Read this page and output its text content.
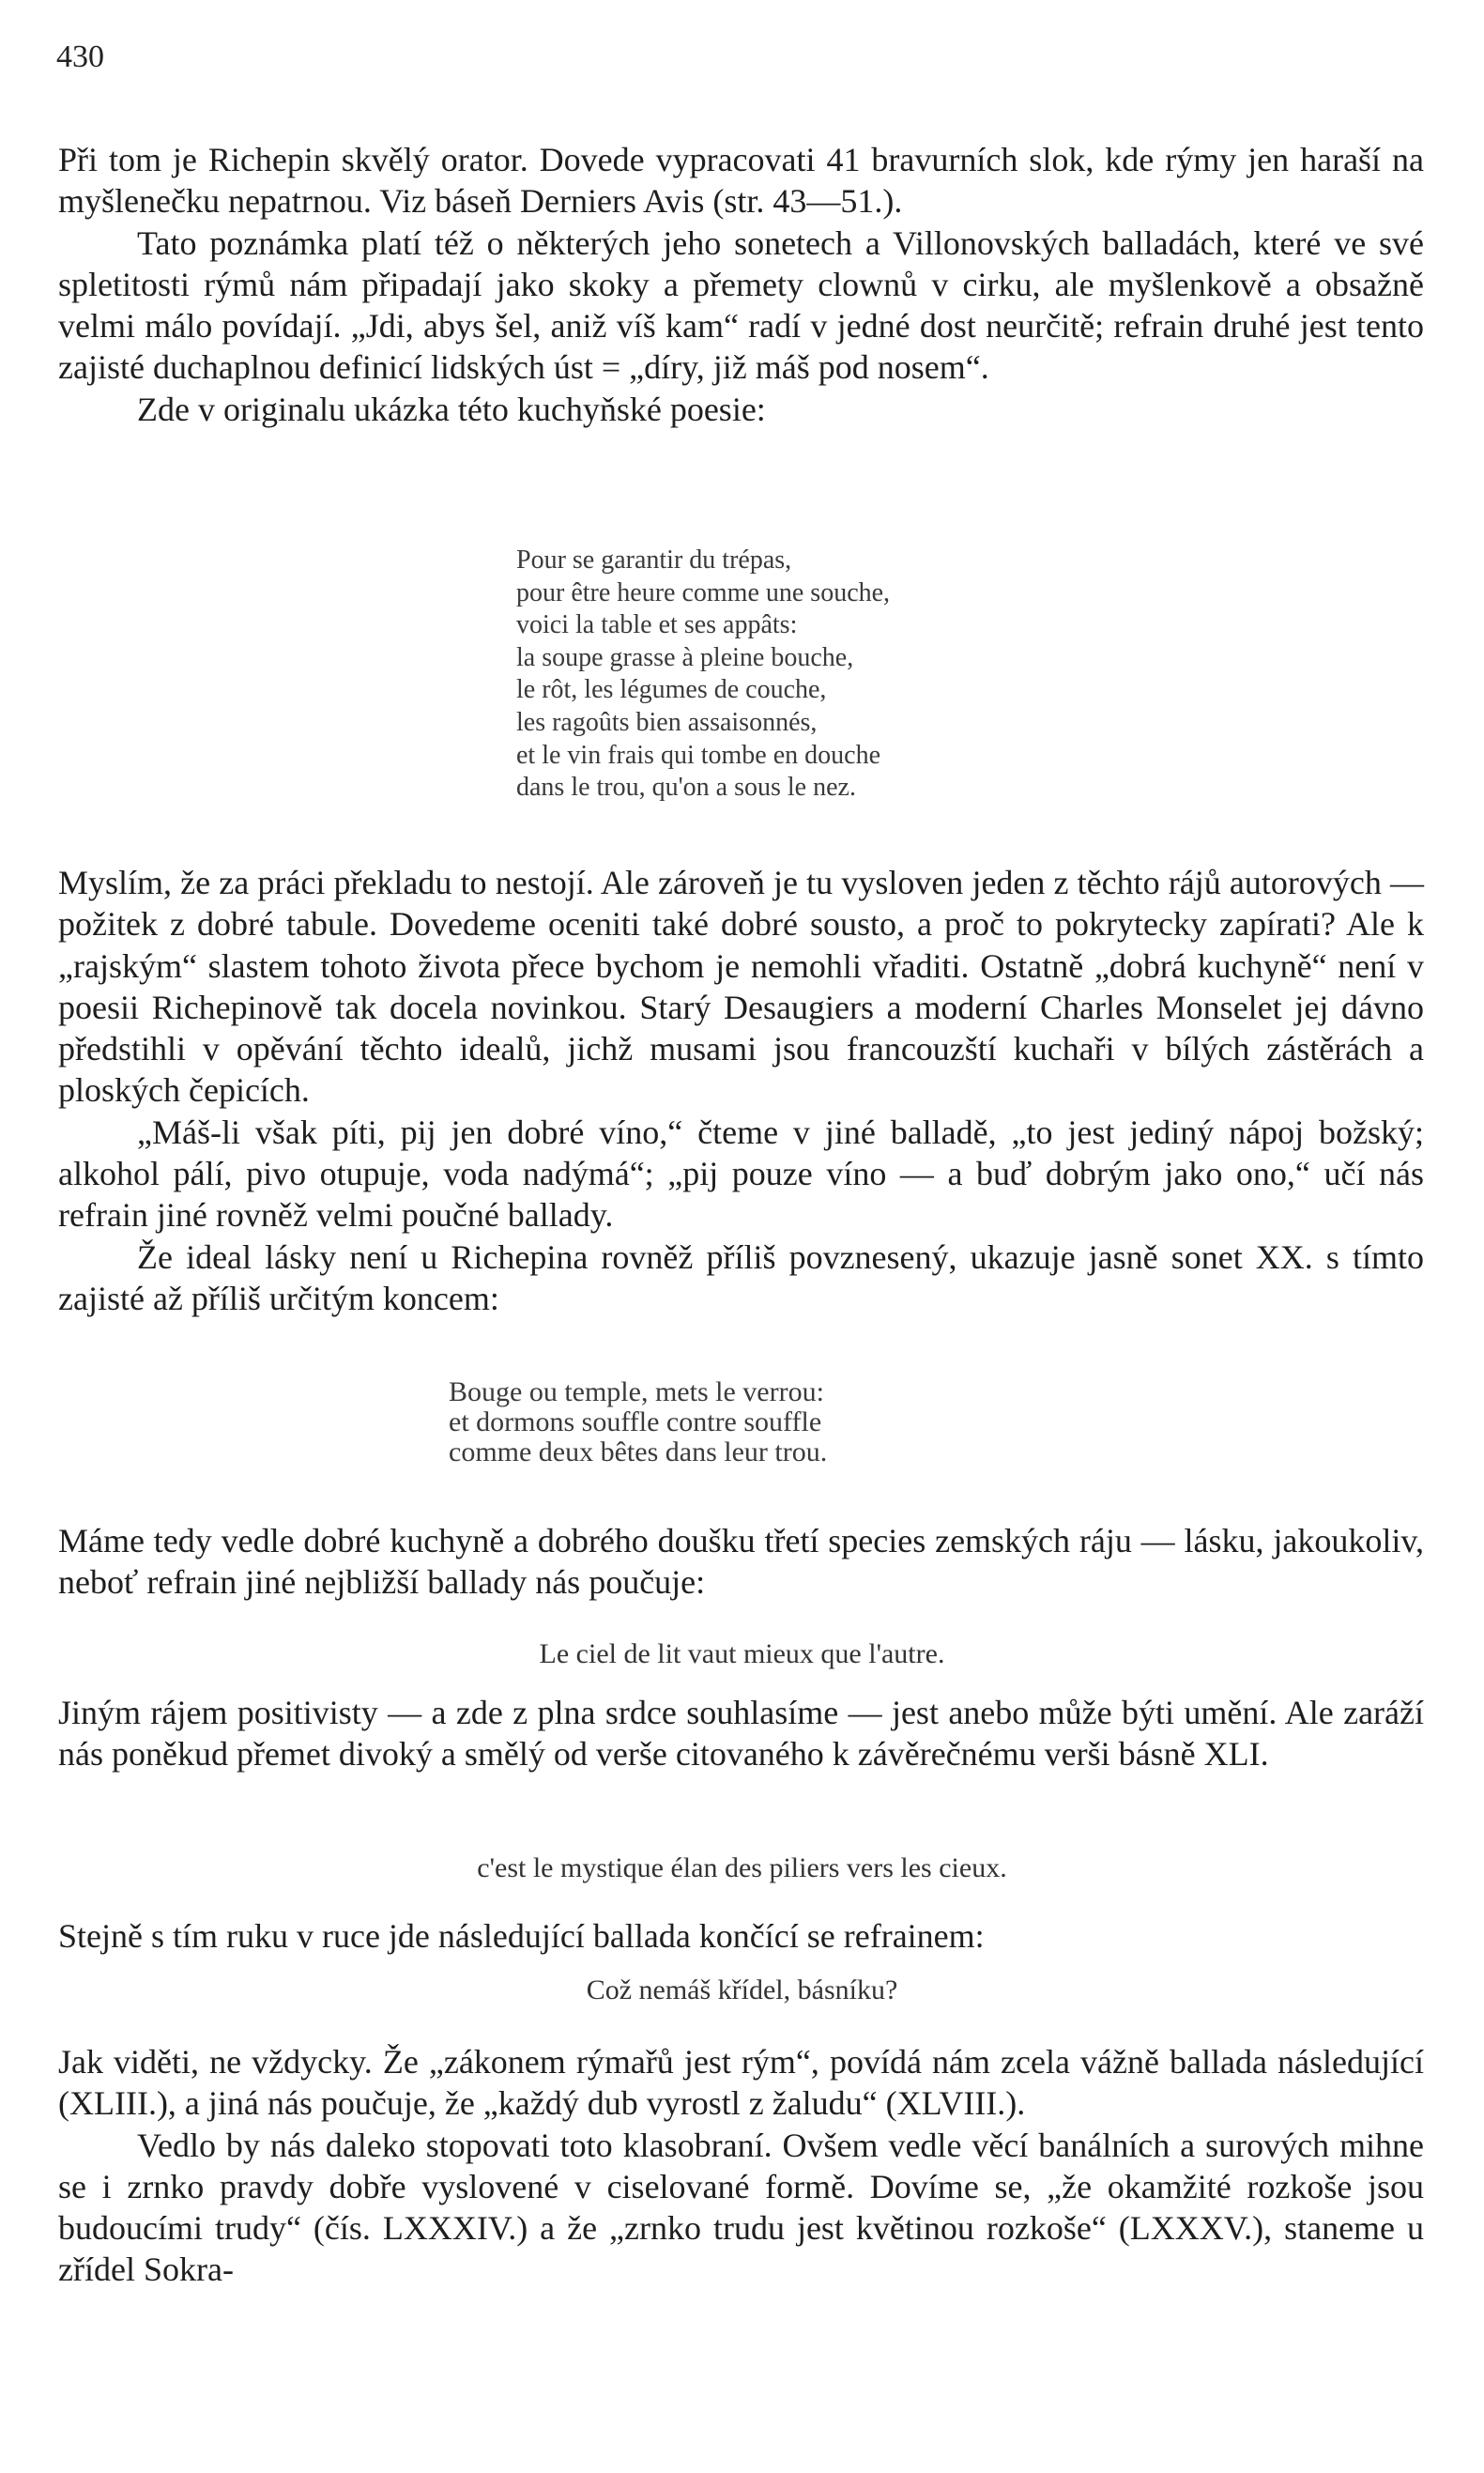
430

Při tom je Richepin skvělý orator. Dovede vypracovati 41 bravurních slok, kde rýmy jen haraší na myšlenečku nepatrnou. Viz báseň Derniers Avis (str. 43—51.).

Tato poznámka platí též o některých jeho sonetech a Villonovských balladách, které ve své spletitosti rýmů nám připadají jako skoky a přemety clownů v cirku, ale myšlenkově a obsažně velmi málo povídají. „Jdi, abys šel, aniž víš kam“ radí v jedné dost neurčitě; refrain druhé jest tento zajisté duchaplnou definicí lidských úst = „díry, již máš pod nosem“.

Zde v originalu ukázka této kuchyňské poesie:

Pour se garantir du trépas,
pour être heure comme une souche,
voici la table et ses appâts:
la soupe grasse à pleine bouche,
le rôt, les légumes de couche,
les ragoûts bien assaisonnés,
et le vin frais qui tombe en douche
dans le trou, qu'on a sous le nez.

Myslím, že za práci překladu to nestojí. Ale zároveň je tu vysloven jeden z těchto rájů autorových — požitek z dobré tabule. Dovedeme oceniti také dobré sousto, a proč to pokrytecky zapírati? Ale k „rajským“ slastem tohoto života přece bychom je nemohli vřaditi. Ostatně „dobrá kuchyně“ není v poesii Richepinově tak docela novinkou. Starý Desaugiers a moderní Charles Monselet jej dávno předstihli v opěvání těchto idealů, jichž musami jsou francouzští kuchaři v bílých zástěrách a ploských čepicích.

„Máš-li však píti, pij jen dobré víno,“ čteme v jiné balladě, „to jest jediný nápoj božský; alkohol pálí, pivo otupuje, voda nadýmá“; „pij pouze víno — a buď dobrým jako ono,“ učí nás refrain jiné rovněž velmi poučné ballady.

Že ideal lásky není u Richepina rovněž příliš povznesený, ukazuje jasně sonet XX. s tímto zajisté až příliš určitým koncem:

Bouge ou temple, mets le verrou:
et dormons souffle contre souffle
comme deux bêtes dans leur trou.

Máme tedy vedle dobré kuchyně a dobrého doušku třetí species zemských ráju — lásku, jakoukoliv, neboť refrain jiné nejbližší ballady nás poučuje:

Le ciel de lit vaut mieux que l'autre.

Jiným rájem positivisty — a zde z plna srdce souhlasíme — jest anebo může býti umění. Ale zaráží nás poněkud přemet divoký a smělý od verše citovaného k závěrečnému verši básně XLI.

c'est le mystique élan des piliers vers les cieux.

Stejně s tím ruku v ruce jde následující ballada končící se refrainem:

Což nemáš křídel, básníku?

Jak viděti, ne vždycky. Že „zákonem rýmařů jest rým“, povídá nám zcela vážně ballada následující (XLIII.), a jiná nás poučuje, že „každý dub vyrostl z žaludu“ (XLVIII.).

Vedlo by nás daleko stopovati toto klasobraní. Ovšem vedle věcí banálních a surových mihne se i zrnko pravdy dobře vyslovené v ciselované formě. Dovíme se, „že okamžité rozkoše jsou budoucími trudy“ (čís. LXXXIV.) a že „zrnko trudu jest květinou rozkoše“ (LXXXV.), staneme u zřídel Sokra-
